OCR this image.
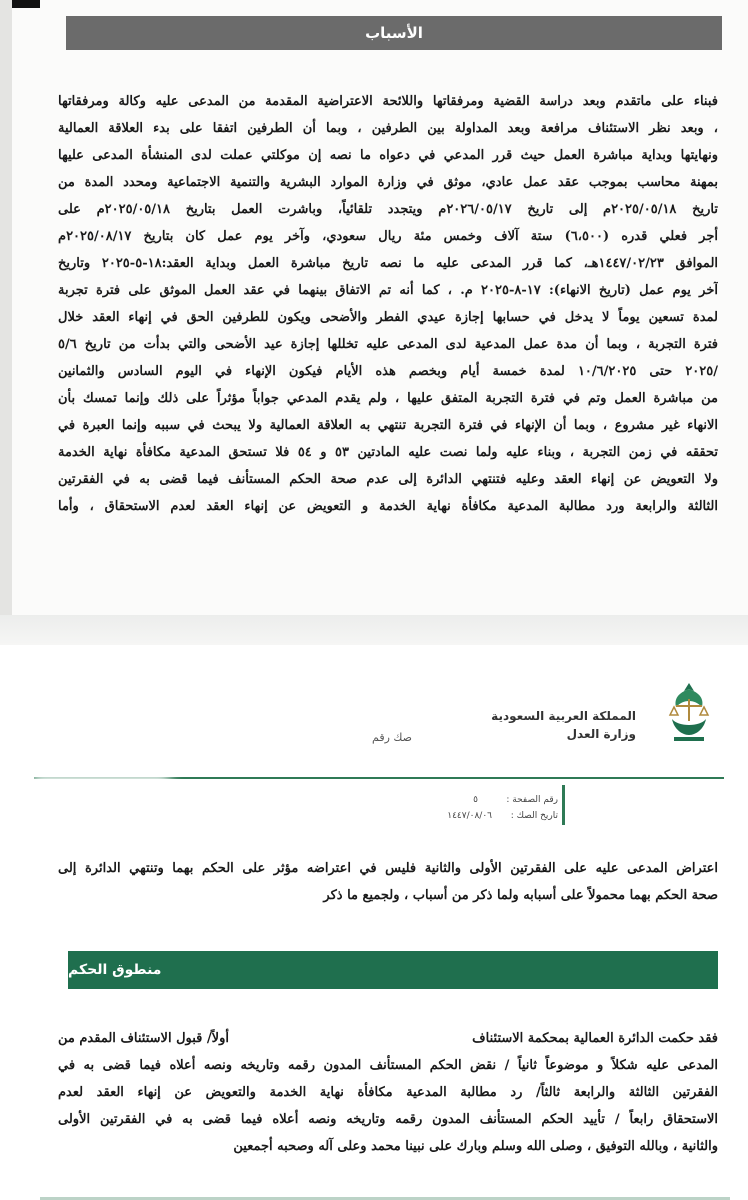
الأسباب
فبناء على ماتقدم وبعد دراسة القضية ومرفقاتها واللائحة الاعتراضية المقدمة من المدعى عليه وكالة ومرفقاتها
، وبعد نظر الاستئناف مرافعة وبعد المداولة بين الطرفين ، وبما أن الطرفين اتفقا على بدء العلاقة العمالية
ونهايتها وبداية مباشرة العمل حيث قرر المدعي في دعواه ما نصه إن موكلتي عملت لدى المنشأة المدعى عليها
بمهنة محاسب بموجب عقد عمل عادي، موثق في وزارة الموارد البشرية والتنمية الاجتماعية ومحدد المدة من
تاريخ ٢٠٢٥/٠٥/١٨م إلى تاريخ ٢٠٢٦/٠٥/١٧م ويتجدد تلقائياً، وباشرت العمل بتاريخ ٢٠٢٥/٠٥/١٨م على
أجر فعلي قدره (٦،٥٠٠) ستة آلاف وخمس مئة ريال سعودي، وآخر يوم عمل كان بتاريخ ٢٠٢٥/٠٨/١٧م
الموافق ١٤٤٧/٠٢/٢٣هـ، كما قرر المدعى عليه ما نصه تاريخ مباشرة العمل وبداية العقد:١٨-٥-٢٠٢٥ وتاريخ
آخر يوم عمل (تاريخ الانهاء): ١٧-٨-٢٠٢٥ م. ، كما أنه تم الاتفاق بينهما في عقد العمل الموثق على فترة تجربة
لمدة تسعين يوماً لا يدخل في حسابها إجازة عيدي الفطر والأضحى ويكون للطرفين الحق في إنهاء العقد خلال
فترة التجربة ، وبما أن مدة عمل المدعية لدى المدعى عليه تخللها إجازة عيد الأضحى والتي بدأت من تاريخ ٥/٦
/٢٠٢٥ حتى ١٠/٦/٢٠٢٥ لمدة خمسة أيام وبخصم هذه الأيام فيكون الإنهاء في اليوم السادس والثمانين
من مباشرة العمل وتم في فترة التجربة المتفق عليها ، ولم يقدم المدعي جواباً مؤثراً على ذلك وإنما تمسك بأن
الانهاء غير مشروع ، وبما أن الإنهاء في فترة التجربة تنتهي به العلاقة العمالية ولا يبحث في سببه وإنما العبرة في
تحققه في زمن التجربة ، وبناء عليه ولما نصت عليه المادتين ٥٣ و ٥٤ فلا تستحق المدعية مكافأة نهاية الخدمة
ولا التعويض عن إنهاء العقد وعليه فتنتهي الدائرة إلى عدم صحة الحكم المستأنف فيما قضى به في الفقرتين
الثالثة والرابعة ورد مطالبة المدعية مكافأة نهاية الخدمة و التعويض عن إنهاء العقد لعدم الاستحقاق ، وأما
المملكة العربية السعودية
وزارة العدل
صك رقم
رقم الصفحة :
٥
تاريخ الصك :
١٤٤٧/٠٨/٠٦
اعتراض المدعى عليه على الفقرتين الأولى والثانية فليس في اعتراضه مؤثر على الحكم بهما وتنتهي الدائرة إلى
صحة الحكم بهما محمولاً على أسبابه ولما ذكر من أسباب ، ولجميع ما ذكر
منطوق الحكم
فقد حكمت الدائرة العمالية بمحكمة الاستئناف
أولاً/ قبول الاستئناف المقدم من
المدعى عليه شكلاً و موضوعاً ثانياً / نقض الحكم المستأنف المدون رقمه وتاريخه ونصه أعلاه فيما قضى به في
الفقرتين الثالثة والرابعة ثالثاً/ رد مطالبة المدعية مكافأة نهاية الخدمة والتعويض عن إنهاء العقد لعدم
الاستحقاق رابعاً / تأييد الحكم المستأنف المدون رقمه وتاريخه ونصه أعلاه فيما قضى به في الفقرتين الأولى
والثانية ، وبالله التوفيق ، وصلى الله وسلم وبارك على نبينا محمد وعلى آله وصحبه أجمعين
